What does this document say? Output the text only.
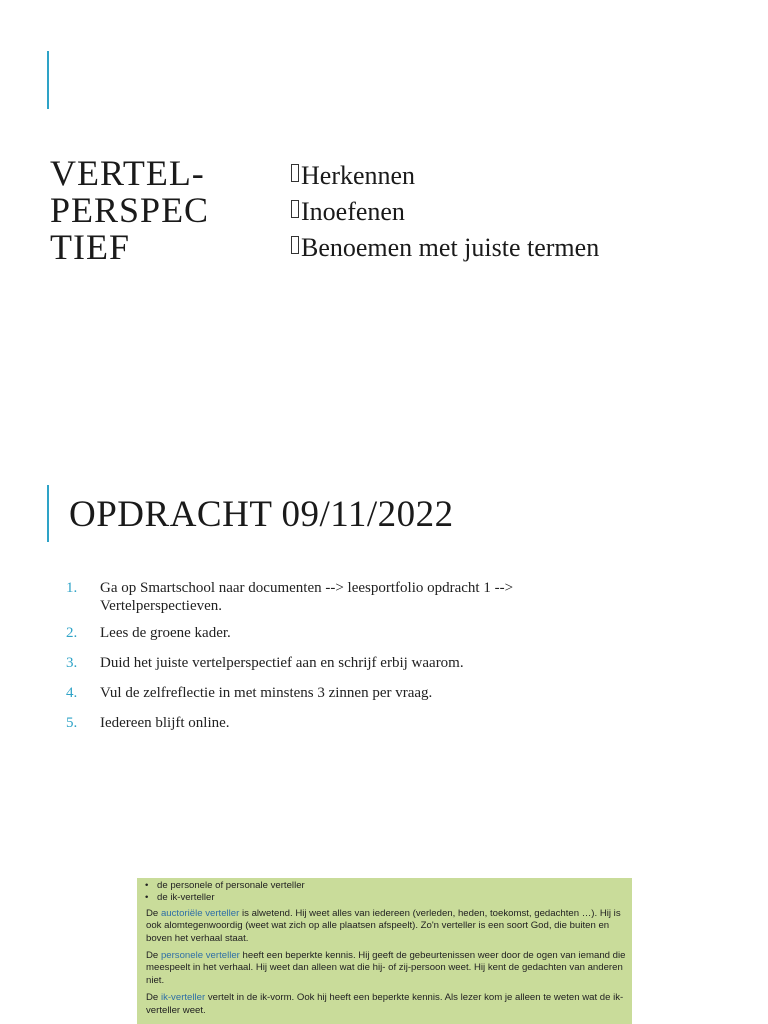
VERTEL-
PERSPEC
TIEF
Herkennen
Inoefenen
Benoemen met juiste termen
OPDRACHT 09/11/2022
1.	Ga op Smartschool naar documenten --> leesportfolio opdracht 1 --> Vertelperspectieven.
2.	Lees de groene kader.
3.	Duid het juiste vertelperspectief aan en schrijf erbij waarom.
4.	Vul de zelfreflectie in met minstens 3 zinnen per vraag.
5.	Iedereen blijft online.
• de personele of personale verteller
• de ik-verteller

De auctoriële verteller is alwetend. Hij weet alles van iedereen (verleden, heden, toekomst, gedachten …). Hij is ook alomtegenwoordig (weet wat zich op alle plaatsen afspeelt). Zo'n verteller is een soort God, die buiten en boven het verhaal staat.

De personele verteller heeft een beperkte kennis. Hij geeft de gebeurtenissen weer door de ogen van iemand die meespeelt in het verhaal. Hij weet dan alleen wat die hij- of zij-persoon weet. Hij kent de gedachten van anderen niet.

De ik-verteller vertelt in de ik-vorm. Ook hij heeft een beperkte kennis. Als lezer kom je alleen te weten wat de ik-verteller weet.
